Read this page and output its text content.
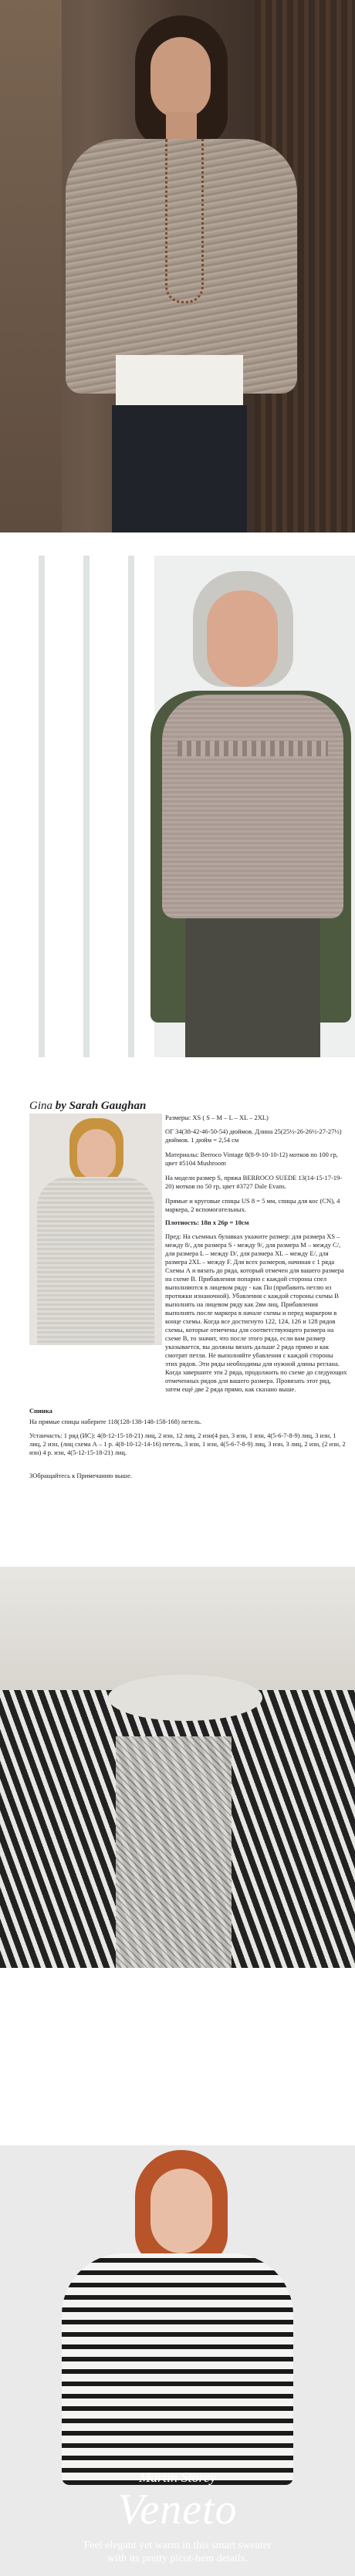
Gina by Sarah Gaughan

Размеры: XS ( S – M – L – XL – 2XL)

ОГ 34(38-42-46-50-54) дюймов. Длина 25(25½-26-26½-27-27½) дюймов. 1 дюйм = 2,54 см

Материалы: Berroco Vintage 8(8-9-10-10-12) мотков по 100 гр, цвет #5104 Mushroom

На модели размер S, пряжа BERROCO SUEDE 13(14-15-17-19-20) мотков по 50 гр, цвет #3727 Dale Evans.

Прямые и круговые спицы US 8 = 5 мм, спицы для кос (CN), 4 маркера, 2 вспомогательных.

Плотность: 18п x 26р = 10см

Пред: На съемных булавках укажите размер: для размера XS – между 8/, для размера S - между 9/, для размера M – между C/, для размера L – между D/, для размера XL – между E/, для размера 2XL – между F. Для всех размеров, начиная с 1 ряда Схемы А и вязать до ряда, который отмечен для вашего размера на схеме В. Прибавления попарно с каждой стороны спел выполняются в лицевом ряду - как Пн (прибавить петлю из протяжки изнаночной). Убавления с каждой стороны схемы В выполнять на лицевом ряду как 2вм лиц. Прибавления выполнять после маркера в начале схемы и перед маркером в конце схемы. Когда все достигнуто 122, 124, 126 и 128 рядов схемы, которые отмечены для соответствующего размера на схеме В, то значит, что после этого ряда, если вам размер указывается, вы должны вязать дальше 2 ряда прямо и как смотрят петли. Не выполняйте убавления с каждой стороны этих рядов. Эти ряды необходимы для нужной длины реглана. Когда завершите эти 2 ряда, продолжить по схеме до следующих отмеченных рядов для вашего размера. Провязать этот ряд, затем ещё две 2 ряда прямо, как сказано выше.

Спинка

На прямые спицы наберите 118(128-138-148-158-168) петель.

Устанчасть: 1 ряд (ИС): 4(8-12-15-18-21) лиц, 2 изн, 12 лиц, 2 изн(4 раз, 3 изн, 1 изн, 4(5-6-7-8-9) лиц, 3 изн, 1 лиц, 2 изн, (лиц схема А – 1 р. 4(8-10-12-14-16) петель, 3 изн, 1 изн, 4(5-6-7-8-9) лиц, 3 изн, 3 лиц, 2 изн, (2 изн, 2 изн) 4 р. изн, 4(5-12-15-18-21) лиц.

ЗОбращайтесь к Примечанию выше.

Martin Storey
Veneto
Feel elegant yet warm in this smart sweater
with its pretty picot-hem details.
